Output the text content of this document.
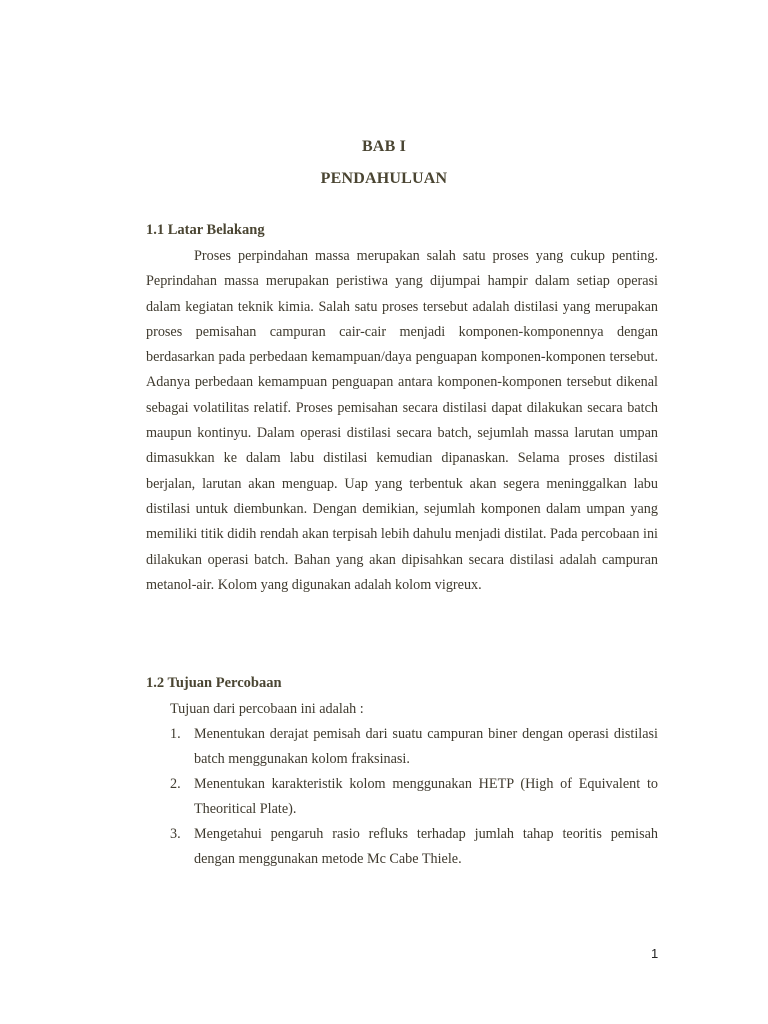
BAB I
PENDAHULUAN
1.1 Latar Belakang

Proses perpindahan massa merupakan salah satu proses yang cukup penting. Peprindahan massa merupakan peristiwa yang dijumpai hampir dalam setiap operasi dalam kegiatan teknik kimia. Salah satu proses tersebut adalah distilasi yang merupakan proses pemisahan campuran cair-cair menjadi komponen-komponennya dengan berdasarkan pada perbedaan kemampuan/daya penguapan komponen-komponen tersebut. Adanya perbedaan kemampuan penguapan antara komponen-komponen tersebut dikenal sebagai volatilitas relatif. Proses pemisahan secara distilasi dapat dilakukan secara batch maupun kontinyu. Dalam operasi distilasi secara batch, sejumlah massa larutan umpan dimasukkan ke dalam labu distilasi kemudian dipanaskan. Selama proses distilasi berjalan, larutan akan menguap. Uap yang terbentuk akan segera meninggalkan labu distilasi untuk diembunkan. Dengan demikian, sejumlah komponen dalam umpan yang memiliki titik didih rendah akan terpisah lebih dahulu menjadi distilat. Pada percobaan ini dilakukan operasi batch. Bahan yang akan dipisahkan secara distilasi adalah campuran metanol-air. Kolom yang digunakan adalah kolom vigreux.

1.2 Tujuan Percobaan
Tujuan dari percobaan ini adalah :
1. Menentukan derajat pemisah dari suatu campuran biner dengan operasi distilasi batch menggunakan kolom fraksinasi.
2. Menentukan karakteristik kolom menggunakan HETP (High of Equivalent to Theoritical Plate).
3. Mengetahui pengaruh rasio refluks terhadap jumlah tahap teoritis pemisah dengan menggunakan metode Mc Cabe Thiele.
1
